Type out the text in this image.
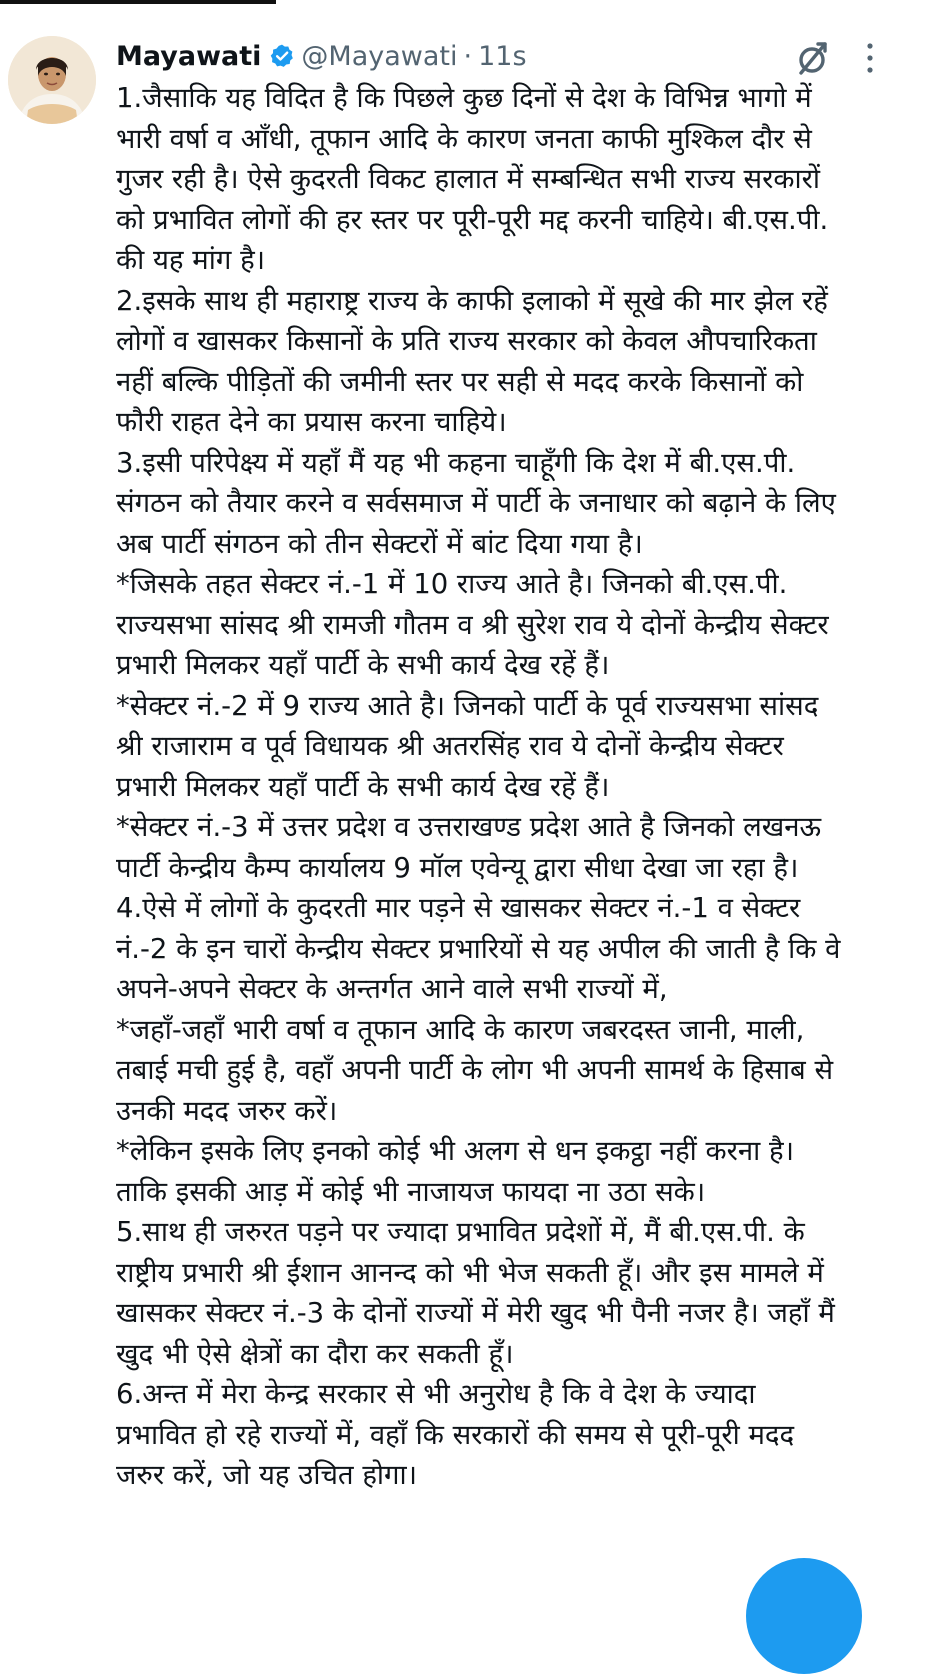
Mayawati @Mayawati · 11s
1.जैसाकि यह विदित है कि पिछले कुछ दिनों से देश के विभिन्न भागो में
भारी वर्षा व आँधी, तूफान आदि के कारण जनता काफी मुश्किल दौर से
गुजर रही है। ऐसे कुदरती विकट हालात में सम्बन्धित सभी राज्य सरकारों
को प्रभावित लोगों की हर स्तर पर पूरी-पूरी मद्द करनी चाहिये। बी.एस.पी.
की यह मांग है।
2.इसके साथ ही महाराष्ट्र राज्य के काफी इलाको में सूखे की मार झेल रहें
लोगों व खासकर किसानों के प्रति राज्य सरकार को केवल औपचारिकता
नहीं बल्कि पीड़ितों की जमीनी स्तर पर सही से मदद करके किसानों को
फौरी राहत देने का प्रयास करना चाहिये।
3.इसी परिपेक्ष्य में यहाँ मैं यह भी कहना चाहूँगी कि देश में बी.एस.पी.
संगठन को तैयार करने व सर्वसमाज में पार्टी के जनाधार को बढ़ाने के लिए
अब पार्टी संगठन को तीन सेक्टरों में बांट दिया गया है।
*जिसके तहत सेक्टर नं.-1 में 10 राज्य आते है। जिनको बी.एस.पी.
राज्यसभा सांसद श्री रामजी गौतम व श्री सुरेश राव ये दोनों केन्द्रीय सेक्टर
प्रभारी मिलकर यहाँ पार्टी के सभी कार्य देख रहें हैं।
*सेक्टर नं.-2 में 9 राज्य आते है। जिनको पार्टी के पूर्व राज्यसभा सांसद
श्री राजाराम व पूर्व विधायक श्री अतरसिंह राव ये दोनों केन्द्रीय सेक्टर
प्रभारी मिलकर यहाँ पार्टी के सभी कार्य देख रहें हैं।
*सेक्टर नं.-3 में उत्तर प्रदेश व उत्तराखण्ड प्रदेश आते है जिनको लखनऊ
पार्टी केन्द्रीय कैम्प कार्यालय 9 मॉल एवेन्यू द्वारा सीधा देखा जा रहा है।
4.ऐसे में लोगों के कुदरती मार पड़ने से खासकर सेक्टर नं.-1 व सेक्टर
नं.-2 के इन चारों केन्द्रीय सेक्टर प्रभारियों से यह अपील की जाती है कि वे
अपने-अपने सेक्टर के अन्तर्गत आने वाले सभी राज्यों में,
*जहाँ-जहाँ भारी वर्षा व तूफान आदि के कारण जबरदस्त जानी, माली,
तबाई मची हुई है, वहाँ अपनी पार्टी के लोग भी अपनी सामर्थ के हिसाब से
उनकी मदद जरुर करें।
*लेकिन इसके लिए इनको कोई भी अलग से धन इकट्ठा नहीं करना है।
ताकि इसकी आड़ में कोई भी नाजायज फायदा ना उठा सके।
5.साथ ही जरुरत पड़ने पर ज्यादा प्रभावित प्रदेशों में, मैं बी.एस.पी. के
राष्ट्रीय प्रभारी श्री ईशान आनन्द को भी भेज सकती हूँ। और इस मामले में
खासकर सेक्टर नं.-3 के दोनों राज्यों में मेरी खुद भी पैनी नजर है। जहाँ मैं
खुद भी ऐसे क्षेत्रों का दौरा कर सकती हूँ।
6.अन्त में मेरा केन्द्र सरकार से भी अनुरोध है कि वे देश के ज्यादा
प्रभावित हो रहे राज्यों में, वहाँ कि सरकारों की समय से पूरी-पूरी मदद
जरुर करें, जो यह उचित होगा।
